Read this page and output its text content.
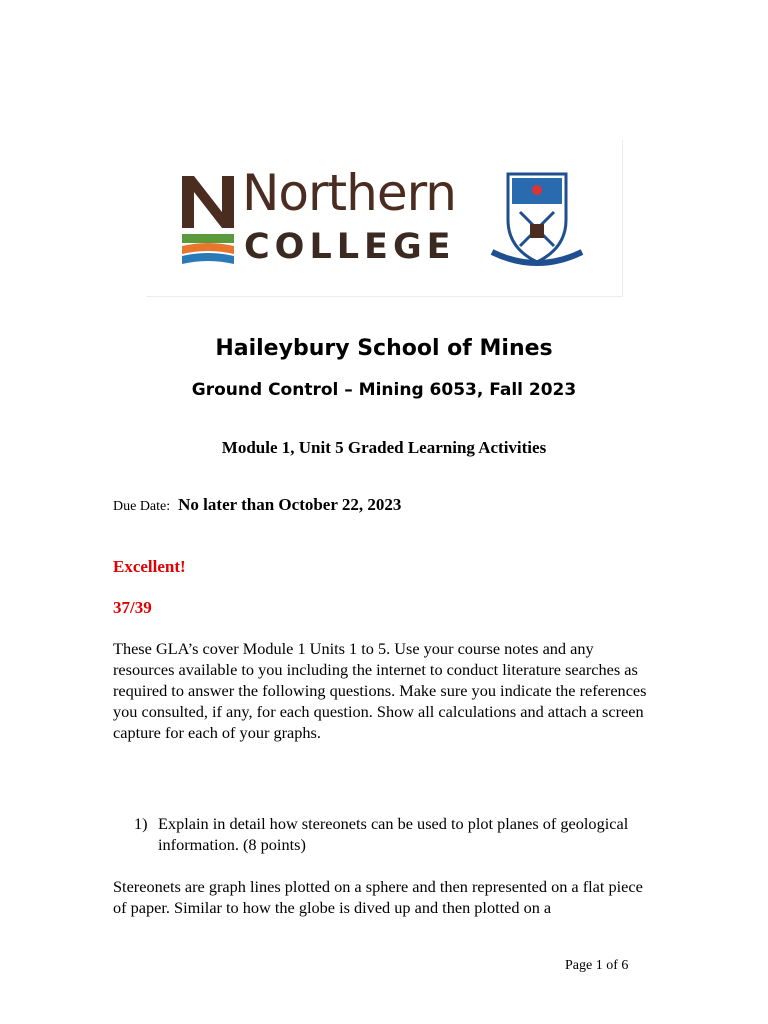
Northern
COLLEGE
Haileybury School of Mines
Ground Control – Mining 6053, Fall 2023
Module 1, Unit 5 Graded Learning Activities
Due Date: No later than October 22, 2023
Excellent!
37/39
These GLA’s cover Module 1 Units 1 to 5. Use your course notes and any resources available to you including the internet to conduct literature searches as required to answer the following questions. Make sure you indicate the references you consulted, if any, for each question. Show all calculations and attach a screen capture for each of your graphs.
1) Explain in detail how stereonets can be used to plot planes of geological information. (8 points)
Stereonets are graph lines plotted on a sphere and then represented on a flat piece of paper. Similar to how the globe is dived up and then plotted on a
Page 1 of 6
